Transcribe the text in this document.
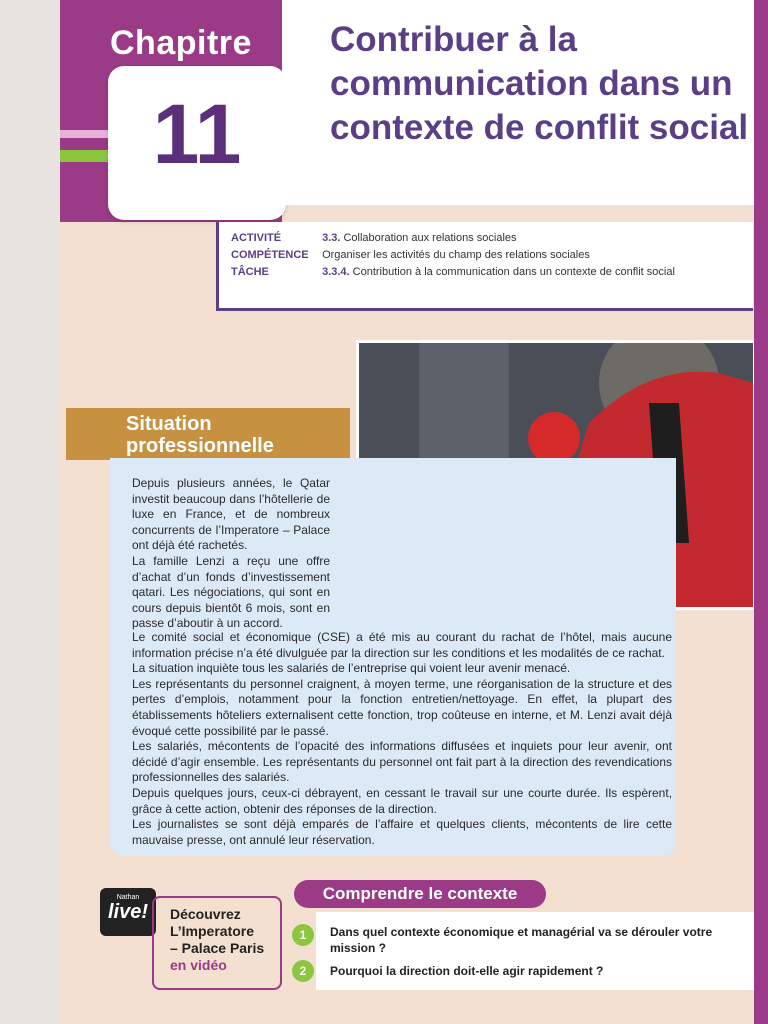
Chapitre
11
Contribuer à la communication dans un contexte de conflit social
ACTIVITÉ	3.3. Collaboration aux relations sociales
COMPÉTENCE Organiser les activités du champ des relations sociales
TÂCHE	3.3.4. Contribution à la communication dans un contexte de conflit social
Situation professionnelle

Depuis plusieurs années, le Qatar investit beaucoup dans l’hôtellerie de luxe en France, et de nombreux concurrents de l’Imperatore – Palace ont déjà été rachetés.

La famille Lenzi a reçu une offre d’achat d’un fonds d’investissement qatari. Les négociations, qui sont en cours depuis bientôt 6 mois, sont en passe d’aboutir à un accord.

Le comité social et économique (CSE) a été mis au courant du rachat de l’hôtel, mais aucune information précise n’a été divulguée par la direction sur les conditions et les modalités de ce rachat.

La situation inquiète tous les salariés de l’entreprise qui voient leur avenir menacé.

Les représentants du personnel craignent, à moyen terme, une réorganisation de la structure et des pertes d’emplois, notamment pour la fonction entretien/nettoyage. En effet, la plupart des établissements hôteliers externalisent cette fonction, trop coûteuse en interne, et M. Lenzi avait déjà évoqué cette possibilité par le passé.

Les salariés, mécontents de l’opacité des informations diffusées et inquiets pour leur avenir, ont décidé d’agir ensemble. Les représentants du personnel ont fait part à la direction des revendications professionnelles des salariés.

Depuis quelques jours, ceux-ci débrayent, en cessant le travail sur une courte durée. Ils espèrent, grâce à cette action, obtenir des réponses de la direction.

Les journalistes se sont déjà emparés de l’affaire et quelques clients, mécontents de lire cette mauvaise presse, ont annulé leur réservation.

Nathan
live!	Découvrez
L’Imperatore
– Palace Paris
en vidéo
Comprendre le contexte
1	Dans quel contexte économique et managérial va se dérouler votre mission ?
2	Pourquoi la direction doit-elle agir rapidement ?
